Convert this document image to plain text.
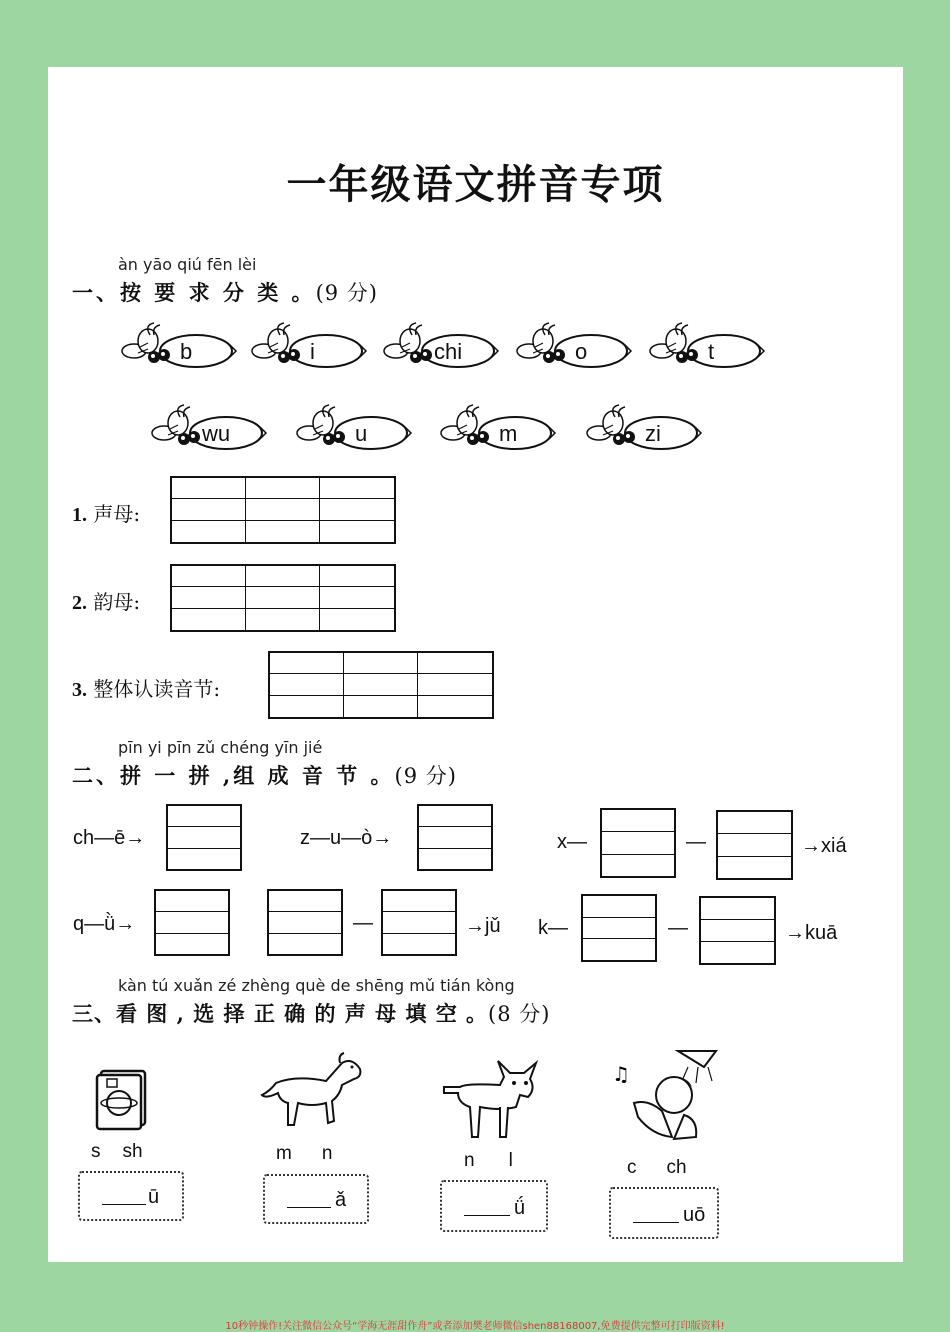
一年级语文拼音专项
àn yāo qiú fēn lèi
一、按 要 求 分 类 。(9 分)
b	i	chi	o	t
wu	u	m	zi
1. 声母:
2. 韵母:
3. 整体认读音节:
pīn yi pīn zǔ chéng yīn jié
二、拼 一 拼 ,组 成 音 节 。(9 分)
ch—ē→	z—u—ò→	x—	—	→xiá
q—ǜ→	—	→jǔ k—	—	→kuā
kàn tú xuǎn zé zhèng què de shēng mǔ tián kòng
三、看 图 , 选 择 正 确 的 声 母 填 空 。(8 分)
♫
s sh	m n	n l	c ch
ū	ǎ	ǘ	uō
10秒钟操作!关注微信公众号“学海无涯甜作舟”或者添加樊老师微信shen88168007,免费提供完整可打印版资料!
